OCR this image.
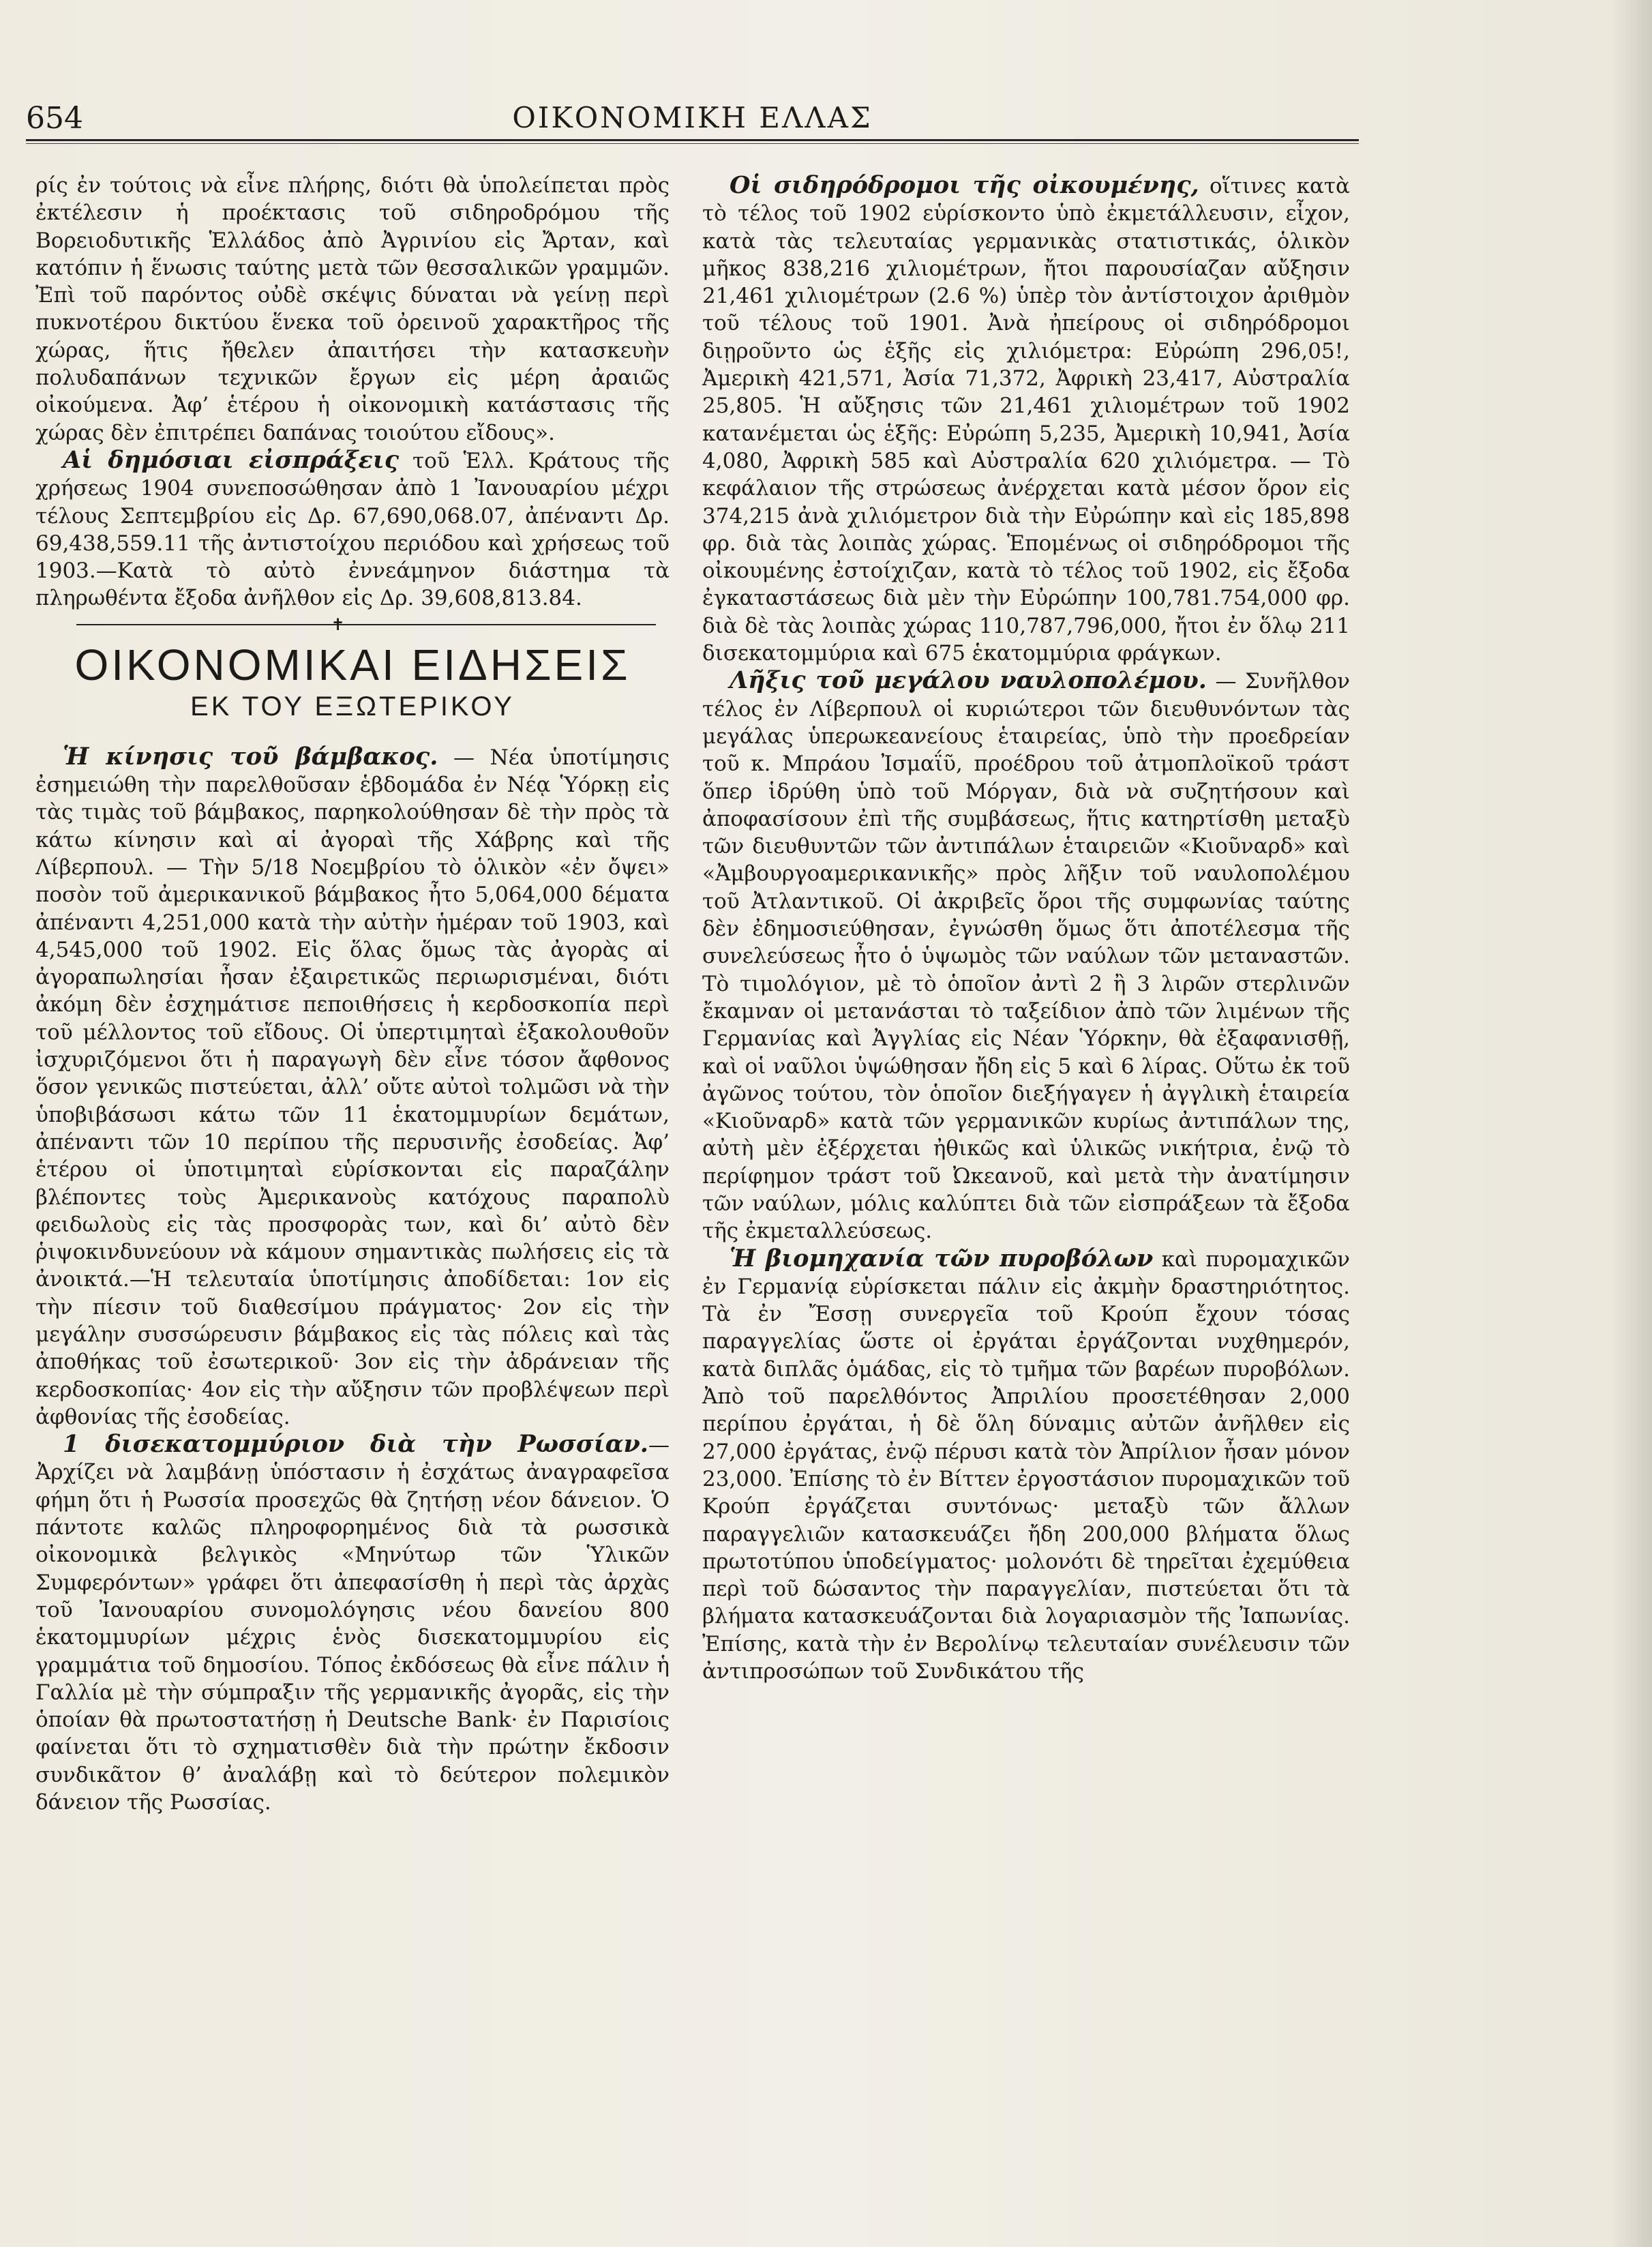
654	ΟΙΚΟΝΟΜΙΚΗ ΕΛΛΑΣ

ρίς ἐν τούτοις νὰ εἶνε πλήρης, διότι θὰ ὑπολείπεται πρὸς ἐκτέλεσιν ἡ προέκτασις τοῦ σιδηροδρόμου τῆς Βορειοδυτικῆς Ἑλλάδος ἀπὸ Ἀγρινίου εἰς Ἄρταν, καὶ κατόπιν ἡ ἕνωσις ταύτης μετὰ τῶν θεσσαλικῶν γραμμῶν. Ἐπὶ τοῦ παρόντος οὐδὲ σκέψις δύναται νὰ γείνῃ περὶ πυκνοτέρου δικτύου ἕνεκα τοῦ ὀρεινοῦ χαρακτῆρος τῆς χώρας, ἥτις ἤθελεν ἀπαιτήσει τὴν κατασκευὴν πολυδαπάνων τεχνικῶν ἔργων εἰς μέρη ἀραιῶς οἰκούμενα. Ἀφ’ ἑτέρου ἡ οἰκονομικὴ κατάστασις τῆς χώρας δὲν ἐπιτρέπει δαπάνας τοιούτου εἴδους».

Αἱ δημόσιαι εἰσπράξεις τοῦ Ἑλλ. Κράτους τῆς χρήσεως 1904 συνεποσώθησαν ἀπὸ 1 Ἰανουαρίου μέχρι τέλους Σεπτεμβρίου εἰς Δρ. 67,690,068.07, ἀπέναντι Δρ. 69,438,559.11 τῆς ἀντιστοίχου περιόδου καὶ χρήσεως τοῦ 1903.—Κατὰ τὸ αὐτὸ ἐννεάμηνον διάστημα τὰ πληρωθέντα ἔξοδα ἀνῆλθον εἰς Δρ. 39,608,813.84.

✝
ΟΙΚΟΝΟΜΙΚΑΙ ΕΙΔΗΣΕΙΣ
ΕΚ ΤΟΥ ΕΞΩΤΕΡΙΚΟΥ

Ἡ κίνησις τοῦ βάμβακος. — Νέα ὑποτίμησις ἐσημειώθη τὴν παρελθοῦσαν ἑβδομάδα ἐν Νέᾳ Ὑόρκῃ εἰς τὰς τιμὰς τοῦ βάμβακος, παρηκολούθησαν δὲ τὴν πρὸς τὰ κάτω κίνησιν καὶ αἱ ἀγοραὶ τῆς Χάβρης καὶ τῆς Λίβερπουλ. — Τὴν 5/18 Νοεμβρίου τὸ ὁλικὸν «ἐν ὄψει» ποσὸν τοῦ ἀμερικανικοῦ βάμβακος ἦτο 5,064,000 δέματα ἀπέναντι 4,251,000 κατὰ τὴν αὐτὴν ἡμέραν τοῦ 1903, καὶ 4,545,000 τοῦ 1902. Εἰς ὅλας ὅμως τὰς ἀγορὰς αἱ ἀγοραπωλησίαι ἦσαν ἐξαιρετικῶς περιωρισμέναι, διότι ἀκόμη δὲν ἐσχημάτισε πεποιθήσεις ἡ κερδοσκοπία περὶ τοῦ μέλλοντος τοῦ εἴδους. Οἱ ὑπερτιμηταὶ ἐξακολουθοῦν ἰσχυριζόμενοι ὅτι ἡ παραγωγὴ δὲν εἶνε τόσον ἄφθονος ὅσον γενικῶς πιστεύεται, ἀλλ’ οὔτε αὐτοὶ τολμῶσι νὰ τὴν ὑποβιβάσωσι κάτω τῶν 11 ἑκατομμυρίων δεμάτων, ἀπέναντι τῶν 10 περίπου τῆς περυσινῆς ἐσοδείας. Ἀφ’ ἑτέρου οἱ ὑποτιμηταὶ εὑρίσκονται εἰς παραζάλην βλέποντες τοὺς Ἀμερικανοὺς κατόχους παραπολὺ φειδωλοὺς εἰς τὰς προσφορὰς των, καὶ δι’ αὐτὸ δὲν ῥιψοκινδυνεύουν νὰ κάμουν σημαντικὰς πωλήσεις εἰς τὰ ἀνοικτά.—Ἡ τελευταία ὑποτίμησις ἀποδίδεται: 1ον εἰς τὴν πίεσιν τοῦ διαθεσίμου πράγματος· 2ον εἰς τὴν μεγάλην συσσώρευσιν βάμβακος εἰς τὰς πόλεις καὶ τὰς ἀποθήκας τοῦ ἐσωτερικοῦ· 3ον εἰς τὴν ἀδράνειαν τῆς κερδοσκοπίας· 4ον εἰς τὴν αὔξησιν τῶν προβλέψεων περὶ ἀφθονίας τῆς ἐσοδείας.

1 δισεκατομμύριον διὰ τὴν Ρωσσίαν.— Ἀρχίζει νὰ λαμβάνῃ ὑπόστασιν ἡ ἐσχάτως ἀναγραφεῖσα φήμη ὅτι ἡ Ρωσσία προσεχῶς θὰ ζητήσῃ νέον δάνειον. Ὁ πάντοτε καλῶς πληροφορημένος διὰ τὰ ρωσσικὰ οἰκονομικὰ βελγικὸς «Μηνύτωρ τῶν Ὑλικῶν Συμφερόντων» γράφει ὅτι ἀπεφασίσθη ἡ περὶ τὰς ἀρχὰς τοῦ Ἰανουαρίου συνομολόγησις νέου δανείου 800 ἑκατομμυρίων μέχρις ἑνὸς δισεκατομμυρίου εἰς γραμμάτια τοῦ δημοσίου. Τόπος ἐκδόσεως θὰ εἶνε πάλιν ἡ Γαλλία μὲ τὴν σύμπραξιν τῆς γερμανικῆς ἀγορᾶς, εἰς τὴν ὁποίαν θὰ πρωτοστατήσῃ ἡ Deutsche Bank· ἐν Παρισίοις φαίνεται ὅτι τὸ σχηματισθὲν διὰ τὴν πρώτην ἔκδοσιν συνδικᾶτον θ’ ἀναλάβῃ καὶ τὸ δεύτερον πολεμικὸν δάνειον τῆς Ρωσσίας.

Οἱ σιδηρόδρομοι τῆς οἰκουμένης, οἵτινες κατὰ τὸ τέλος τοῦ 1902 εὑρίσκοντο ὑπὸ ἐκμετάλλευσιν, εἶχον, κατὰ τὰς τελευταίας γερμανικὰς στατιστικάς, ὁλικὸν μῆκος 838,216 χιλιομέτρων, ἤτοι παρουσίαζαν αὔξησιν 21,461 χιλιομέτρων (2.6 %) ὑπὲρ τὸν ἀντίστοιχον ἀριθμὸν τοῦ τέλους τοῦ 1901. Ἀνὰ ἠπείρους οἱ σιδηρόδρομοι διῃροῦντο ὡς ἑξῆς εἰς χιλιόμετρα: Εὐρώπη 296,05!, Ἀμερικὴ 421,571, Ἀσία 71,372, Ἀφρικὴ 23,417, Αὐστραλία 25,805. Ἡ αὔξησις τῶν 21,461 χιλιομέτρων τοῦ 1902 κατανέμεται ὡς ἑξῆς: Εὐρώπη 5,235, Ἀμερικὴ 10,941, Ἀσία 4,080, Ἀφρικὴ 585 καὶ Αὐστραλία 620 χιλιόμετρα. — Τὸ κεφάλαιον τῆς στρώσεως ἀνέρχεται κατὰ μέσον ὅρον εἰς 374,215 ἀνὰ χιλιόμετρον διὰ τὴν Εὐρώπην καὶ εἰς 185,898 φρ. διὰ τὰς λοιπὰς χώρας. Ἑπομένως οἱ σιδηρόδρομοι τῆς οἰκουμένης ἐστοίχιζαν, κατὰ τὸ τέλος τοῦ 1902, εἰς ἔξοδα ἐγκαταστάσεως διὰ μὲν τὴν Εὐρώπην 100,781.754,000 φρ. διὰ δὲ τὰς λοιπὰς χώρας 110,787,796,000, ἤτοι ἐν ὅλῳ 211 δισεκατομμύρια καὶ 675 ἑκατομμύρια φράγκων.

Λῆξις τοῦ μεγάλου ναυλοπολέμου. — Συνῆλθον τέλος ἐν Λίβερπουλ οἱ κυριώτεροι τῶν διευθυνόντων τὰς μεγάλας ὑπερωκεανείους ἑταιρείας, ὑπὸ τὴν προεδρείαν τοῦ κ. Μπράου Ἰσμαΐῦ, προέδρου τοῦ ἀτμοπλοϊκοῦ τράστ ὅπερ ἱδρύθη ὑπὸ τοῦ Μόργαν, διὰ νὰ συζητήσουν καὶ ἀποφασίσουν ἐπὶ τῆς συμβάσεως, ἥτις κατηρτίσθη μεταξὺ τῶν διευθυντῶν τῶν ἀντιπάλων ἑταιρειῶν «Κιοῦναρδ» καὶ «Ἀμβουργοαμερικανικῆς» πρὸς λῆξιν τοῦ ναυλοπολέμου τοῦ Ἀτλαντικοῦ. Οἱ ἀκριβεῖς ὅροι τῆς συμφωνίας ταύτης δὲν ἐδημοσιεύθησαν, ἐγνώσθη ὅμως ὅτι ἀποτέλεσμα τῆς συνελεύσεως ἦτο ὁ ὑψωμὸς τῶν ναύλων τῶν μεταναστῶν. Τὸ τιμολόγιον, μὲ τὸ ὁποῖον ἀντὶ 2 ἢ 3 λιρῶν στερλινῶν ἔκαμναν οἱ μετανάσται τὸ ταξείδιον ἀπὸ τῶν λιμένων τῆς Γερμανίας καὶ Ἀγγλίας εἰς Νέαν Ὑόρκην, θὰ ἐξαφανισθῇ, καὶ οἱ ναῦλοι ὑψώθησαν ἤδη εἰς 5 καὶ 6 λίρας. Οὕτω ἐκ τοῦ ἀγῶνος τούτου, τὸν ὁποῖον διεξήγαγεν ἡ ἀγγλικὴ ἑταιρεία «Κιοῦναρδ» κατὰ τῶν γερμανικῶν κυρίως ἀντιπάλων της, αὐτὴ μὲν ἐξέρχεται ἠθικῶς καὶ ὑλικῶς νικήτρια, ἐνῷ τὸ περίφημον τράστ τοῦ Ὠκεανοῦ, καὶ μετὰ τὴν ἀνατίμησιν τῶν ναύλων, μόλις καλύπτει διὰ τῶν εἰσπράξεων τὰ ἔξοδα τῆς ἐκμεταλλεύσεως.

Ἡ βιομηχανία τῶν πυροβόλων καὶ πυρομαχικῶν ἐν Γερμανίᾳ εὑρίσκεται πάλιν εἰς ἀκμὴν δραστηριότητος. Τὰ ἐν Ἔσσῃ συνεργεῖα τοῦ Κρούπ ἔχουν τόσας παραγγελίας ὥστε οἱ ἐργάται ἐργάζονται νυχθημερόν, κατὰ διπλᾶς ὁμάδας, εἰς τὸ τμῆμα τῶν βαρέων πυροβόλων. Ἀπὸ τοῦ παρελθόντος Ἀπριλίου προσετέθησαν 2,000 περίπου ἐργάται, ἡ δὲ ὅλη δύναμις αὐτῶν ἀνῆλθεν εἰς 27,000 ἐργάτας, ἐνῷ πέρυσι κατὰ τὸν Ἀπρίλιον ἦσαν μόνον 23,000. Ἐπίσης τὸ ἐν Βίττεν ἐργοστάσιον πυρομαχικῶν τοῦ Κρούπ ἐργάζεται συντόνως· μεταξὺ τῶν ἄλλων παραγγελιῶν κατασκευάζει ἤδη 200,000 βλήματα ὅλως πρωτοτύπου ὑποδείγματος· μολονότι δὲ τηρεῖται ἐχεμύθεια περὶ τοῦ δώσαντος τὴν παραγγελίαν, πιστεύεται ὅτι τὰ βλήματα κατασκευάζονται διὰ λογαριασμὸν τῆς Ἰαπωνίας. Ἐπίσης, κατὰ τὴν ἐν Βερολίνῳ τελευταίαν συνέλευσιν τῶν ἀντιπροσώπων τοῦ Συνδικάτου τῆς
